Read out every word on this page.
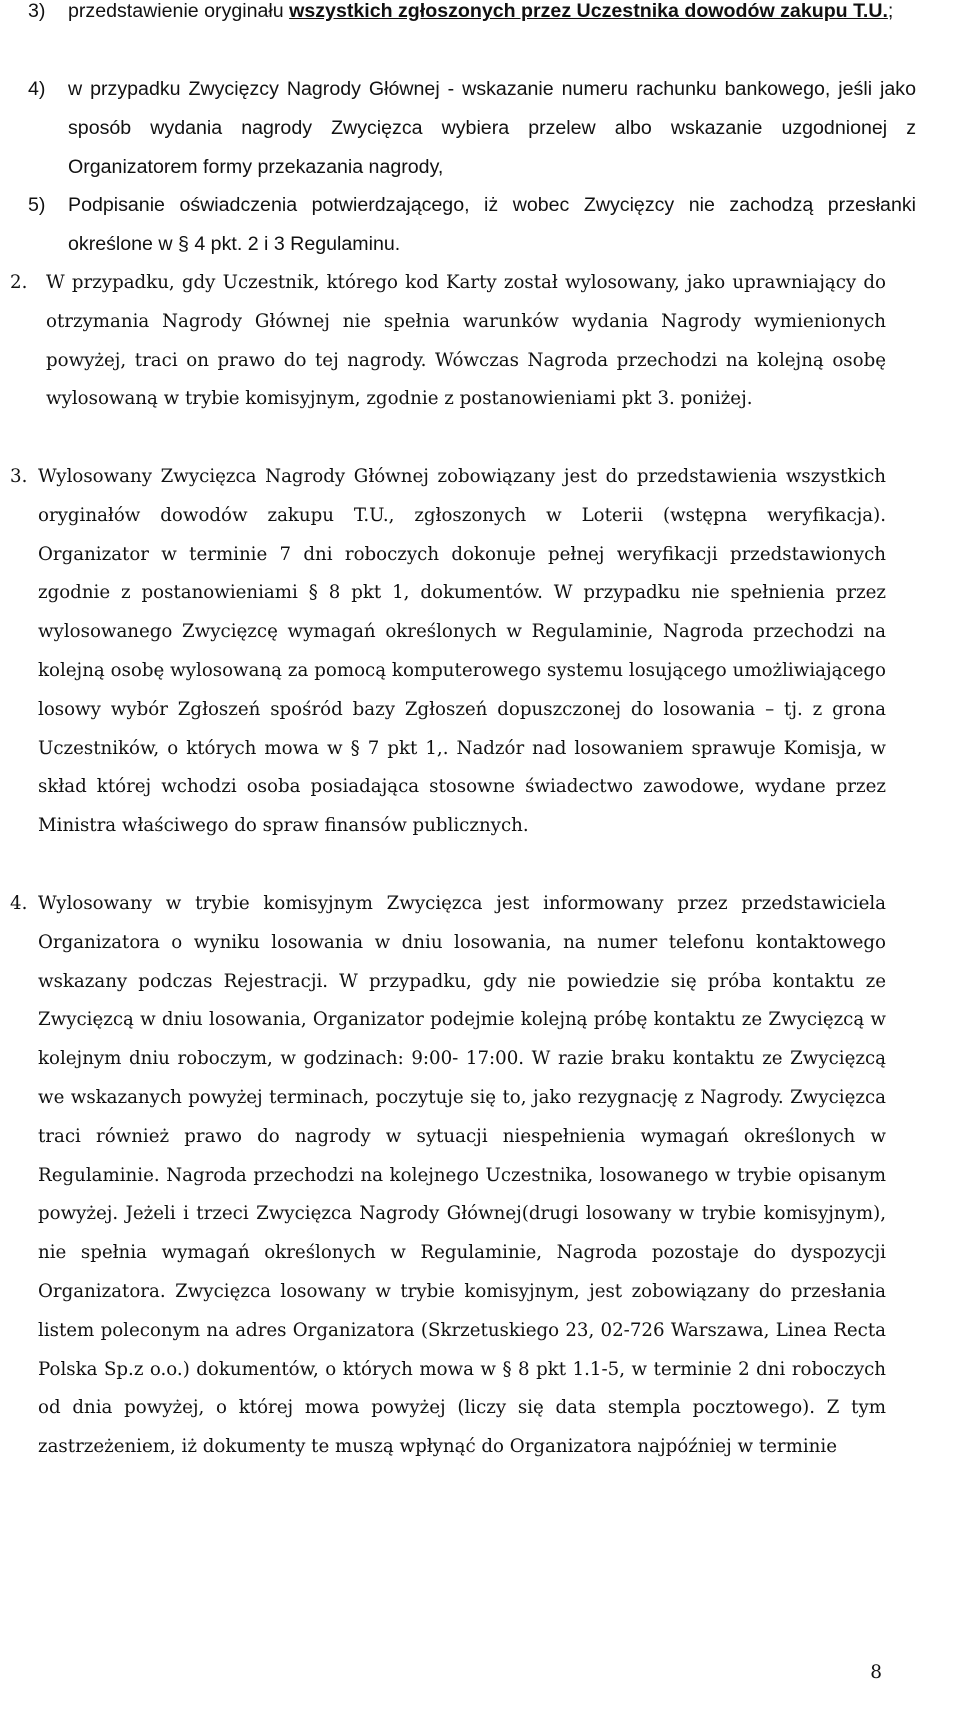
3) przedstawienie oryginału wszystkich zgłoszonych przez Uczestnika dowodów zakupu T.U.;
4) w przypadku Zwycięzcy Nagrody Głównej - wskazanie numeru rachunku bankowego, jeśli jako sposób wydania nagrody Zwycięzca wybiera przelew albo wskazanie uzgodnionej z Organizatorem formy przekazania nagrody,
5) Podpisanie oświadczenia potwierdzającego, iż wobec Zwycięzcy nie zachodzą przesłanki określone w § 4 pkt. 2 i 3 Regulaminu.
2. W przypadku, gdy Uczestnik, którego kod Karty został wylosowany, jako uprawniający do otrzymania Nagrody Głównej nie spełnia warunków wydania Nagrody wymienionych powyżej, traci on prawo do tej nagrody. Wówczas Nagroda przechodzi na kolejną osobę wylosowaną w trybie komisyjnym, zgodnie z postanowieniami pkt 3. poniżej.
3. Wylosowany Zwycięzca Nagrody Głównej zobowiązany jest do przedstawienia wszystkich oryginałów dowodów zakupu T.U., zgłoszonych w Loterii (wstępna weryfikacja). Organizator w terminie 7 dni roboczych dokonuje pełnej weryfikacji przedstawionych zgodnie z postanowieniami § 8 pkt 1, dokumentów. W przypadku nie spełnienia przez wylosowanego Zwycięzcę wymagań określonych w Regulaminie, Nagroda przechodzi na kolejną osobę wylosowaną za pomocą komputerowego systemu losującego umożliwiającego losowy wybór Zgłoszeń spośród bazy Zgłoszeń dopuszczonej do losowania – tj. z grona Uczestników, o których mowa w § 7 pkt 1,. Nadzór nad losowaniem sprawuje Komisja, w skład której wchodzi osoba posiadająca stosowne świadectwo zawodowe, wydane przez Ministra właściwego do spraw finansów publicznych.
4. Wylosowany w trybie komisyjnym Zwycięzca jest informowany przez przedstawiciela Organizatora o wyniku losowania w dniu losowania, na numer telefonu kontaktowego wskazany podczas Rejestracji. W przypadku, gdy nie powiedzie się próba kontaktu ze Zwycięzcą w dniu losowania, Organizator podejmie kolejną próbę kontaktu ze Zwycięzcą w kolejnym dniu roboczym, w godzinach: 9:00- 17:00. W razie braku kontaktu ze Zwycięzcą we wskazanych powyżej terminach, poczytuje się to, jako rezygnację z Nagrody. Zwycięzca traci również prawo do nagrody w sytuacji niespełnienia wymagań określonych w Regulaminie. Nagroda przechodzi na kolejnego Uczestnika, losowanego w trybie opisanym powyżej. Jeżeli i trzeci Zwycięzca Nagrody Głównej(drugi losowany w trybie komisyjnym), nie spełnia wymagań określonych w Regulaminie, Nagroda pozostaje do dyspozycji Organizatora. Zwycięzca losowany w trybie komisyjnym, jest zobowiązany do przesłania listem poleconym na adres Organizatora (Skrzetuskiego 23, 02-726 Warszawa, Linea Recta Polska Sp.z o.o.) dokumentów, o których mowa w § 8 pkt 1.1-5, w terminie 2 dni roboczych od dnia powyżej, o której mowa powyżej (liczy się data stempla pocztowego). Z tym zastrzeżeniem, iż dokumenty te muszą wpłynąć do Organizatora najpóźniej w terminie
8
